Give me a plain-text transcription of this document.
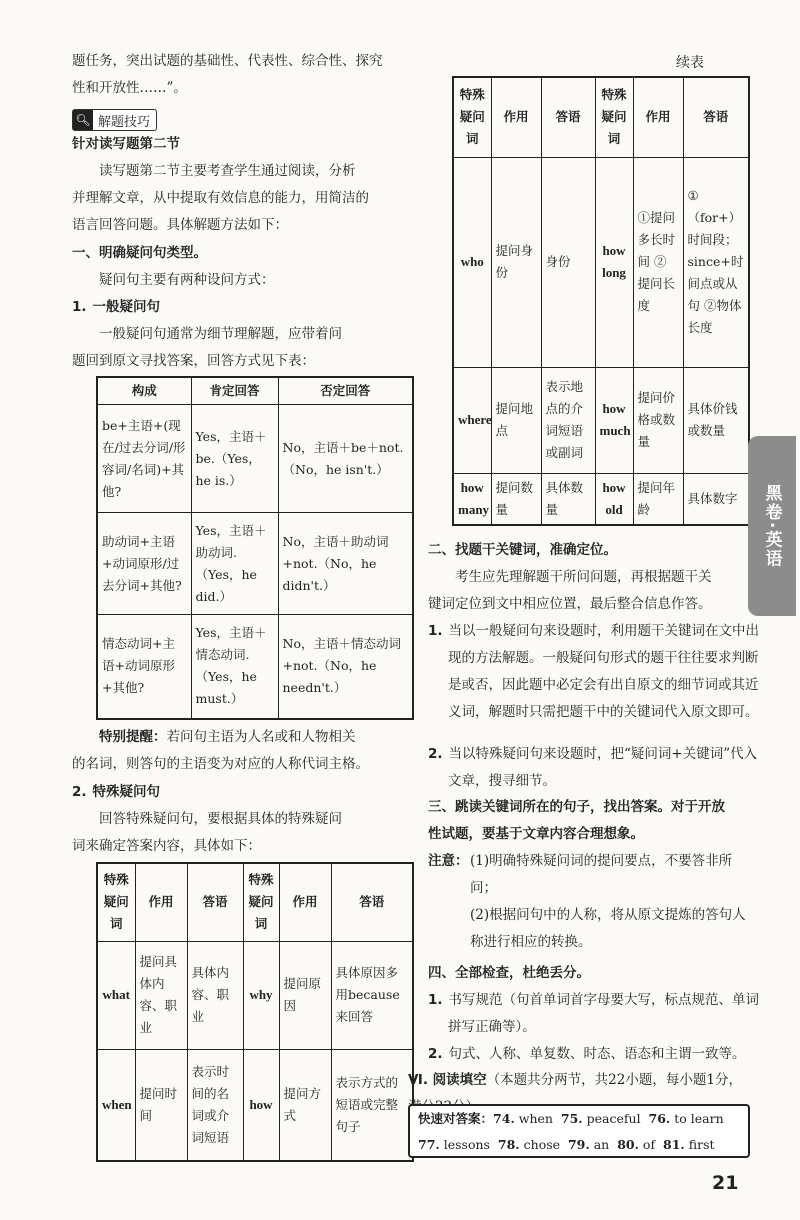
题任务，突出试题的基础性、代表性、综合性、探究

性和开放性……”。

🔍︎ 解题技巧

针对读写题第二节

读写题第二节主要考查学生通过阅读，分析

并理解文章，从中提取有效信息的能力，用简洁的

语言回答问题。具体解题方法如下：

一、明确疑问句类型。

疑问句主要有两种设问方式：

1. 一般疑问句

一般疑问句通常为细节理解题，应带着问

题回到原文寻找答案，回答方式见下表：

构成	肯定回答	否定回答
be+主语+(现在/过去分词/形容词/名词)+其他?	Yes，主语＋be.（Yes，he is.）	No，主语＋be＋not.（No，he isn't.）
助动词+主语+动词原形/过去分词+其他?	Yes，主语＋助动词.（Yes，he did.）	No，主语＋助动词+not.（No，he didn't.）
情态动词+主语+动词原形+其他?	Yes，主语＋情态动词.（Yes，he must.）	No，主语＋情态动词+not.（No，he needn't.）

特别提醒：若问句主语为人名或和人物相关

的名词，则答句的主语变为对应的人称代词主格。

2. 特殊疑问句

回答特殊疑问句，要根据具体的特殊疑问

词来确定答案内容，具体如下：

特殊疑问词	作用	答语	特殊疑问词	作用	答语
what	提问具体内容、职业	具体内容、职业	why	提问原因	具体原因多用because来回答
when	提问时间	表示时间的名词或介词短语	how	提问方式	表示方式的短语或完整句子
续表
特殊疑问词	作用	答语	特殊疑问词	作用	答语
who	提问身份	身份	how long	①提问多长时间 ②提问长度	①（for+）时间段；since+时间点或从句 ②物体长度
where	提问地点	表示地点的介词短语或副词	how much	提问价格或数量	具体价钱或数量
how many	提问数量	具体数量	how old	提问年龄	具体数字

二、找题干关键词，准确定位。

考生应先理解题干所问问题，再根据题干关

键词定位到文中相应位置，最后整合信息作答。

1. 当以一般疑问句来设题时，利用题干关键词在文中出现的方法解题。一般疑问句形式的题干往往要求判断是或否，因此题中必定会有出自原文的细节词或其近义词，解题时只需把题干中的关键词代入原文即可。

2. 当以特殊疑问句来设题时，把“疑问词+关键词”代入文章，搜寻细节。

三、跳读关键词所在的句子，找出答案。对于开放

性试题，要基于文章内容合理想象。

注意： (1)明确特殊疑问词的提问要点，不要答非所问；

(2)根据问句中的人称，将从原文提炼的答句人称进行相应的转换。

四、全部检查，杜绝丢分。

1. 书写规范（句首单词首字母要大写，标点规范、单词拼写正确等）。

2. 句式、人称、单复数、时态、语态和主谓一致等。

Ⅵ. 阅读填空（本题共分两节，共22小题，每小题1分，

快速对答案：74. when 75. peaceful 76. to learn
77. lessons 78. chose 79. an 80. of 81. first
黑卷·英语
21
